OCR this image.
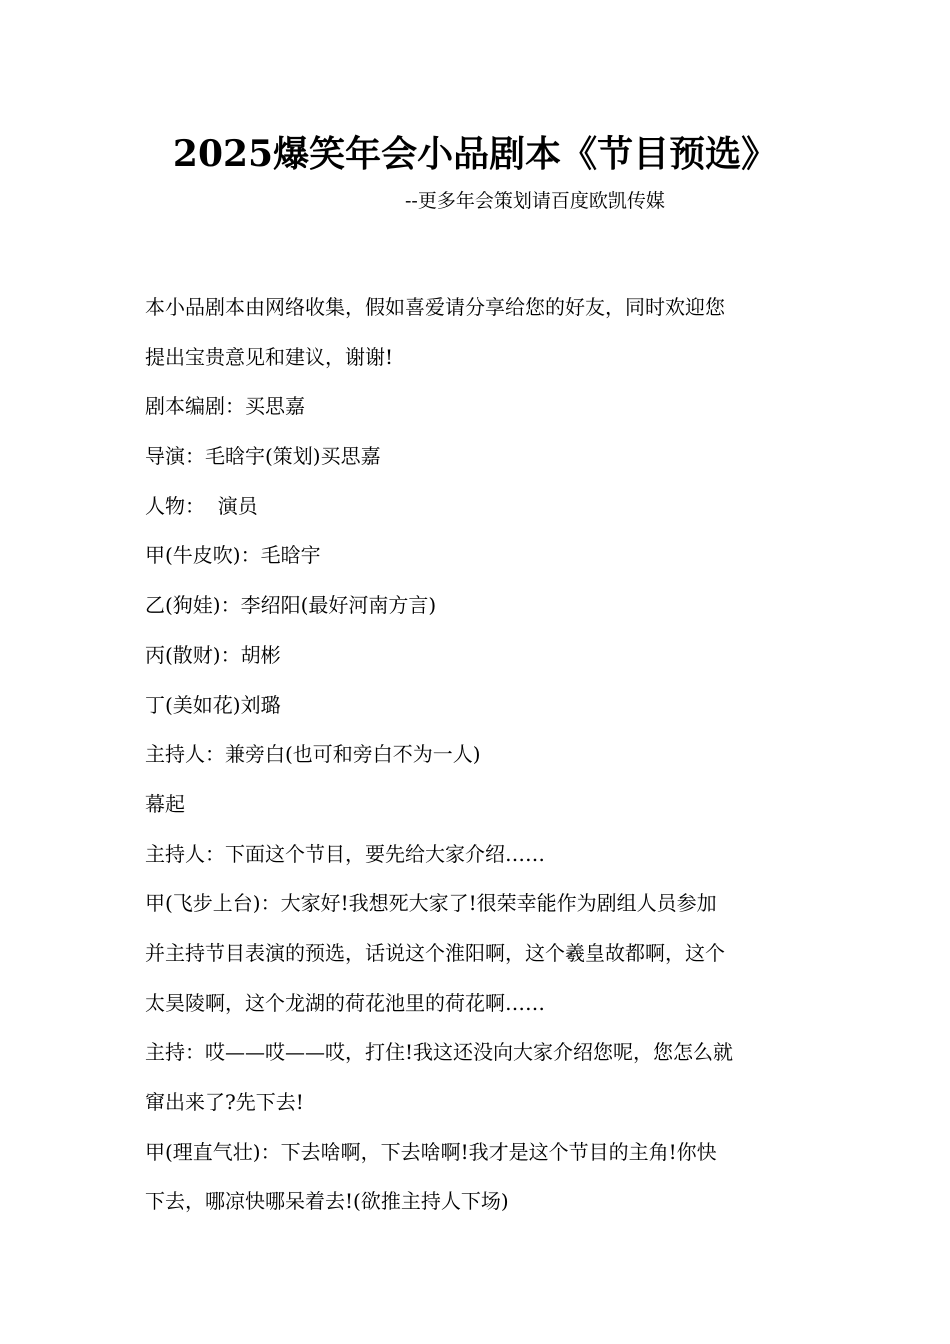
2025爆笑年会小品剧本《节目预选》
--更多年会策划请百度欧凯传媒
本小品剧本由网络收集，假如喜爱请分享给您的好友，同时欢迎您
提出宝贵意见和建议，谢谢!
剧本编剧：买思嘉
导演：毛晗宇(策划)买思嘉
人物：  演员
甲(牛皮吹)：毛晗宇
乙(狗娃)：李绍阳(最好河南方言)
丙(散财)：胡彬
丁(美如花)刘璐
主持人：兼旁白(也可和旁白不为一人)
幕起
主持人：下面这个节目，要先给大家介绍……
甲(飞步上台)：大家好!我想死大家了!很荣幸能作为剧组人员参加
并主持节目表演的预选，话说这个淮阳啊，这个羲皇故都啊，这个
太昊陵啊，这个龙湖的荷花池里的荷花啊……
主持：哎——哎——哎，打住!我这还没向大家介绍您呢，您怎么就
窜出来了?先下去!
甲(理直气壮)：下去啥啊，下去啥啊!我才是这个节目的主角!你快
下去，哪凉快哪呆着去!(欲推主持人下场)
